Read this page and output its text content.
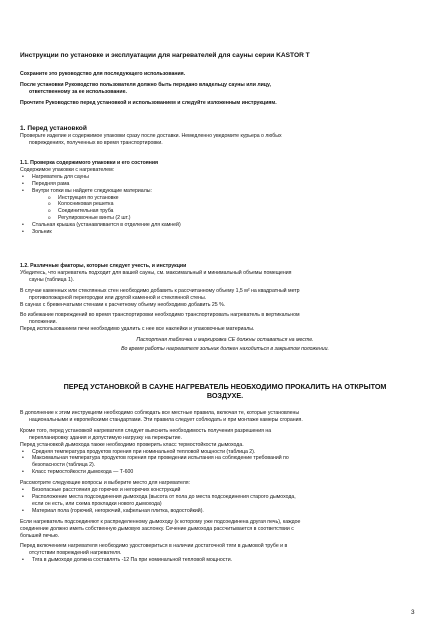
Инструкции по установке и эксплуатации для нагревателей для сауны серии KASTOR T
Сохраните это руководство для последующего использования.
После установки Руководство пользователя должно быть передано владельцу сауны или лицу,
ответственному за ее использование.
Прочтите Руководство перед установкой и использованием и следуйте изложенным инструкциям.
1. Перед установкой
Проверьте изделие и содержимое упаковки сразу после доставки. Немедленно уведомите курьера о любых
повреждениях, полученных во время транспортировки.
1.1. Проверка содержимого упаковки и его состояния
Содержимое упаковки с нагревателем:
• Нагреватель для сауны
• Передняя рама
• Внутри топки вы найдете следующие материалы:
o Инструкция по установке
o Колосниковая решетка
o Соединительная труба
o Регулировочные винты (2 шт.)
• Стальная крышка (устанавливается в отделение для камней)
• Зольник
1.2. Различные факторы, которые следует учесть, и инструкции
Убедитесь, что нагреватель подходит для вашей сауны, см. максимальный и минимальный объемы помещения
сауны (таблица 1).
В случае каменных или стеклянных стен необходимо добавить к рассчитанному объему 1,5 м² на квадратный метр
противопожарной перегородки или другой каменной и стеклянной стены.
В саунах с бревенчатыми стенами к расчетному объему необходимо добавить 25 %.
Во избежание повреждений во время транспортировки необходимо транспортировать нагреватель в вертикальном
положении.
Перед использованием печи необходимо удалить с нее все наклейки и упаковочные материалы.
Паспортная табличка и маркировка CE должны оставаться на месте.
Во время работы нагревателя зольник должен находиться в закрытом положении.
ПЕРЕД УСТАНОВКОЙ В САУНЕ НАГРЕВАТЕЛЬ НЕОБХОДИМО ПРОКАЛИТЬ НА ОТКРЫТОМ
ВОЗДУХЕ.
В дополнение к этим инструкциям необходимо соблюдать все местные правила, включая те, которые установлены
национальными и европейскими стандартами. Эти правила следует соблюдать и при монтаже камеры сгорания.
Кроме того, перед установкой нагревателя следует выяснить необходимость получения разрешения на
перепланировку здания и допустимую нагрузку на перекрытие.
Перед установкой дымохода также необходимо проверить класс термостойкости дымохода.
• Средняя температура продуктов горения при номинальной тепловой мощности (таблица 2).
• Максимальная температура продуктов горения при проведении испытания на соблюдение требований по
безопасности (таблица 2).
• Класс термостойкости дымохода — Т-600
Рассмотрите следующие вопросы и выберите место для нагревателя:
• Безопасные расстояния до горючих и негорючих конструкций
• Расположение места подсоединения дымохода (высота от пола до места подсоединения старого дымохода,
если он есть, или схема прокладки нового дымохода)
• Материал пола (горючий, негорючий, кафельная плитка, водостойкий).
Если нагреватель подсоединяют к распределенному дымоходу (к которому уже подсоединена другая печь), каждое
соединение должно иметь собственную дымовую заслонку. Сечение дымохода рассчитывается в соответствии с
большей печью.
Перед включением нагревателя необходимо удостовериться в наличии достаточной тяги в дымовой трубе и в
отсутствии повреждений нагревателя.
• Тяга в дымоходе должна составлять -12 Па при номинальной тепловой мощности.
3
